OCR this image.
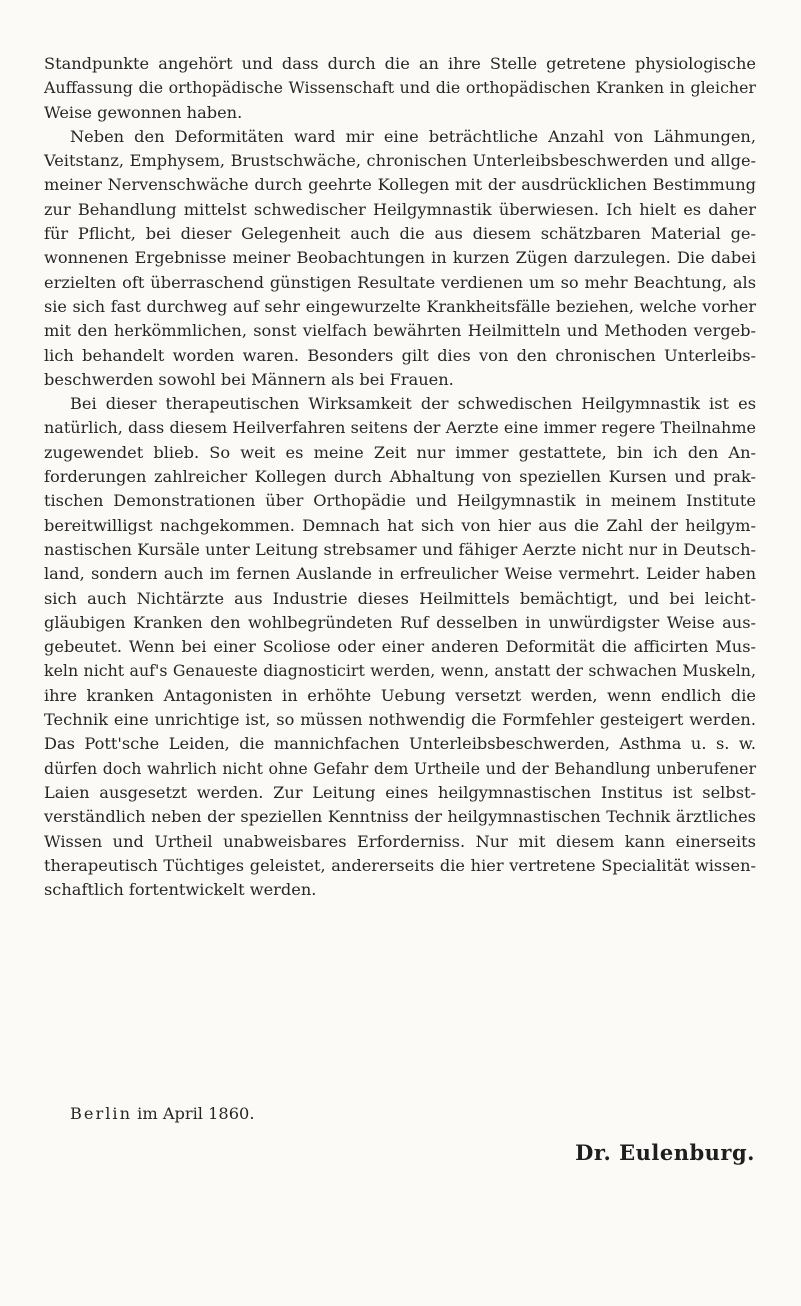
Standpunkte angehört und dass durch die an ihre Stelle getretene physiologische
Auffassung die orthopädische Wissenschaft und die orthopädischen Kranken in gleicher
Weise gewonnen haben.
Neben den Deformitäten ward mir eine beträchtliche Anzahl von Lähmungen,
Veitstanz, Emphysem, Brustschwäche, chronischen Unterleibsbeschwerden und allge-
meiner Nervenschwäche durch geehrte Kollegen mit der ausdrücklichen Bestimmung
zur Behandlung mittelst schwedischer Heilgymnastik überwiesen. Ich hielt es daher
für Pflicht, bei dieser Gelegenheit auch die aus diesem schätzbaren Material ge-
wonnenen Ergebnisse meiner Beobachtungen in kurzen Zügen darzulegen. Die dabei
erzielten oft überraschend günstigen Resultate verdienen um so mehr Beachtung, als
sie sich fast durchweg auf sehr eingewurzelte Krankheitsfälle beziehen, welche vorher
mit den herkömmlichen, sonst vielfach bewährten Heilmitteln und Methoden vergeb-
lich behandelt worden waren. Besonders gilt dies von den chronischen Unterleibs-
beschwerden sowohl bei Männern als bei Frauen.
Bei dieser therapeutischen Wirksamkeit der schwedischen Heilgymnastik ist es
natürlich, dass diesem Heilverfahren seitens der Aerzte eine immer regere Theilnahme
zugewendet blieb. So weit es meine Zeit nur immer gestattete, bin ich den An-
forderungen zahlreicher Kollegen durch Abhaltung von speziellen Kursen und prak-
tischen Demonstrationen über Orthopädie und Heilgymnastik in meinem Institute
bereitwilligst nachgekommen. Demnach hat sich von hier aus die Zahl der heilgym-
nastischen Kursäle unter Leitung strebsamer und fähiger Aerzte nicht nur in Deutsch-
land, sondern auch im fernen Auslande in erfreulicher Weise vermehrt. Leider haben
sich auch Nichtärzte aus Industrie dieses Heilmittels bemächtigt, und bei leicht-
gläubigen Kranken den wohlbegründeten Ruf desselben in unwürdigster Weise aus-
gebeutet. Wenn bei einer Scoliose oder einer anderen Deformität die afficirten Mus-
keln nicht auf's Genaueste diagnosticirt werden, wenn, anstatt der schwachen Muskeln,
ihre kranken Antagonisten in erhöhte Uebung versetzt werden, wenn endlich die
Technik eine unrichtige ist, so müssen nothwendig die Formfehler gesteigert werden.
Das Pott'sche Leiden, die mannichfachen Unterleibsbeschwerden, Asthma u. s. w.
dürfen doch wahrlich nicht ohne Gefahr dem Urtheile und der Behandlung unberufener
Laien ausgesetzt werden. Zur Leitung eines heilgymnastischen Institus ist selbst-
verständlich neben der speziellen Kenntniss der heilgymnastischen Technik ärztliches
Wissen und Urtheil unabweisbares Erforderniss. Nur mit diesem kann einerseits
therapeutisch Tüchtiges geleistet, andererseits die hier vertretene Specialität wissen-
schaftlich fortentwickelt werden.
Berlin im April 1860.
Dr. Eulenburg.
